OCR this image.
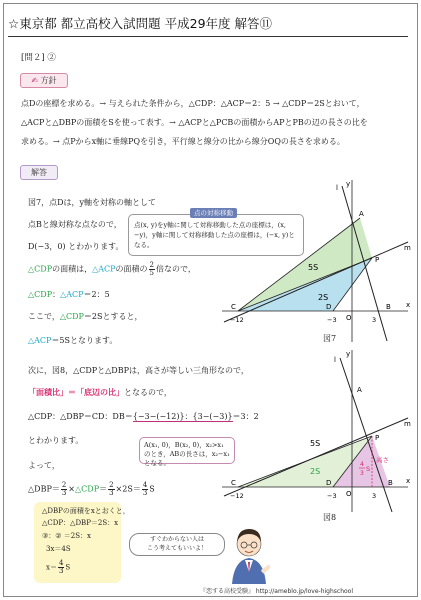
☆東京都 都立高校入試問題 平成29年度 解答⑪
[問２] ②
✍ 方針
点Dの座標を求める。→ 与えられた条件から，△CDP：△ACP＝2：5 → △CDP＝2Sとおいて，
△ACPと△DBPの面積をSを使って表す。→ △ACPと△PCBの面積からAPとPBの辺の長さの比を
求める。→ 点Pからx軸に垂線PQを引き，平行線と線分の比から線分OQの長さを求める。
解答
図7，点Dは，y軸を対称の軸として
点Bと線対称な点なので，
D(−3，0) とわかります。
△CDPの面積は，△ACPの面積の $\frac{2}{5}$ 倍なので，
△CDP：△ACP＝2：5
ここで，△CDP＝2Sとすると，
△ACP＝5Sとなります。
点(x, y)をy軸に関して対称移動した点の座標は，(x, −y)，y軸に関して対称移動した点の座標は，(−x, y)となる。
点の対称移動
y
x
l
m
A
P
C	D
O
B
5S
2S
−12	−3	3
図7
次に，図8，△CDPと△DBPは，高さが等しい三角形なので，
「面積比」＝「底辺の比」となるので，
△CDP：△DBP＝CD：DB＝{−3−(−12)}：{3−(−3)}＝3：2
とわかります。
よって，
△DBP＝ $\frac{2}{3}$ ×△CDP＝ $\frac{2}{3} \times 2S= \frac{4}{3}$ S
A(x₁, 0)，B(x₂, 0)，x₂>x₁のとき，ABの長さは，x₂−x₁となる。
y
x
l
m
A
P
C	D
O
B
5S
2S
4
3
S
高さ
−12	−3	3
図8
△DBPの面積をxとおくと，
△CDP：△DBP＝2S：x
③：② ＝2S：x
3x＝4S
$x= \frac{4}{3}$ S
すぐわからない人は
こう考えてもいいよ！
『恋する高校受験』 http://ameblo.jp/love-highschool
